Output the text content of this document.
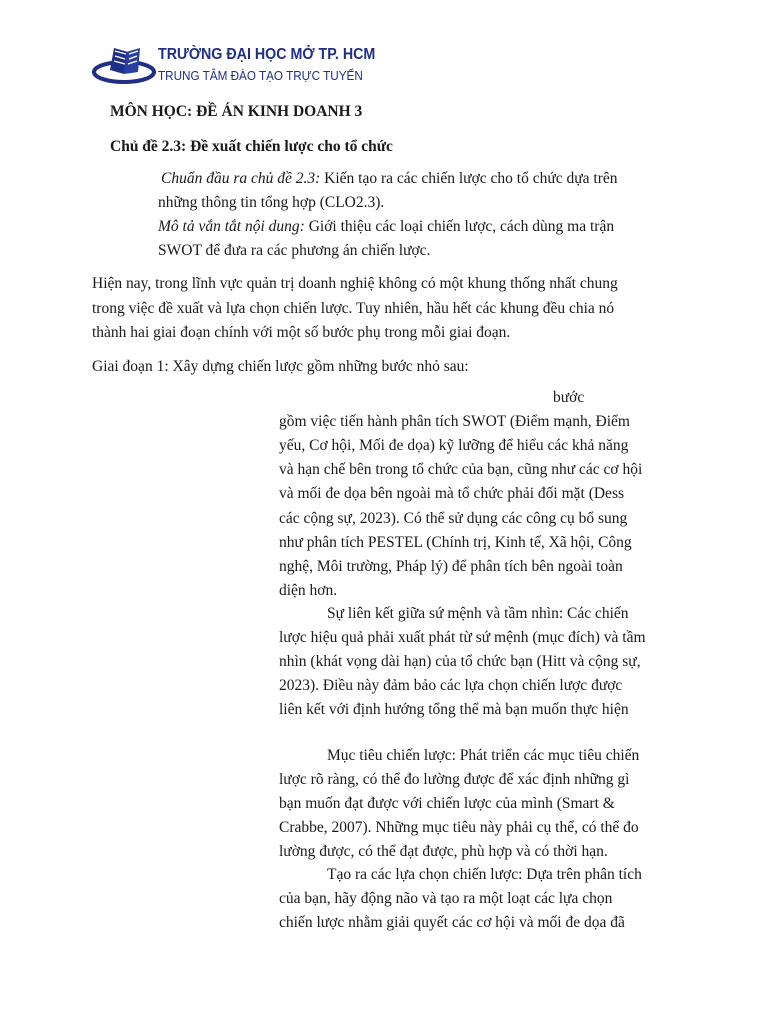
TRƯỜNG ĐẠI HỌC MỞ TP. HCM
TRUNG TÂM ĐÀO TẠO TRỰC TUYẾN
MÔN HỌC: ĐỀ ÁN KINH DOANH 3
Chủ đề 2.3: Đề xuất chiến lược cho tổ chức
Chuẩn đầu ra chủ đề 2.3: Kiến tạo ra các chiến lược cho tổ chức dựa trên
những thông tin tổng hợp (CLO2.3).
Mô tả vắn tắt nội dung: Giới thiệu các loại chiến lược, cách dùng ma trận
SWOT để đưa ra các phương án chiến lược.
Hiện nay, trong lĩnh vực quản trị doanh nghiệ không có một khung thống nhất chung
trong việc đề xuất và lựa chọn chiến lược. Tuy nhiên, hầu hết các khung đều chia nó
thành hai giai đoạn chính với một số bước phụ trong mỗi giai đoạn.
Giai đoạn 1: Xây dựng chiến lược gồm những bước nhỏ sau:
bước
gồm việc tiến hành phân tích SWOT (Điểm mạnh, Điểm
yếu, Cơ hội, Mối đe dọa) kỹ lưỡng để hiểu các khả năng
và hạn chế bên trong tổ chức của bạn, cũng như các cơ hội
và mối đe dọa bên ngoài mà tổ chức phải đối mặt (Dess
các cộng sự, 2023). Có thể sử dụng các công cụ bổ sung
như phân tích PESTEL (Chính trị, Kinh tế, Xã hội, Công
nghệ, Môi trường, Pháp lý) để phân tích bên ngoài toàn
diện hơn.
Sự liên kết giữa sứ mệnh và tầm nhìn: Các chiến
lược hiệu quả phải xuất phát từ sứ mệnh (mục đích) và tầm
nhìn (khát vọng dài hạn) của tổ chức bạn (Hitt và cộng sự,
2023). Điều này đảm bảo các lựa chọn chiến lược được
liên kết với định hướng tổng thể mà bạn muốn thực hiện
Mục tiêu chiến lược: Phát triển các mục tiêu chiến
lược rõ ràng, có thể đo lường được để xác định những gì
bạn muốn đạt được với chiến lược của mình (Smart &
Crabbe, 2007). Những mục tiêu này phải cụ thể, có thể đo
lường được, có thể đạt được, phù hợp và có thời hạn.
Tạo ra các lựa chọn chiến lược: Dựa trên phân tích
của bạn, hãy động não và tạo ra một loạt các lựa chọn
chiến lược nhằm giải quyết các cơ hội và mối đe dọa đã
